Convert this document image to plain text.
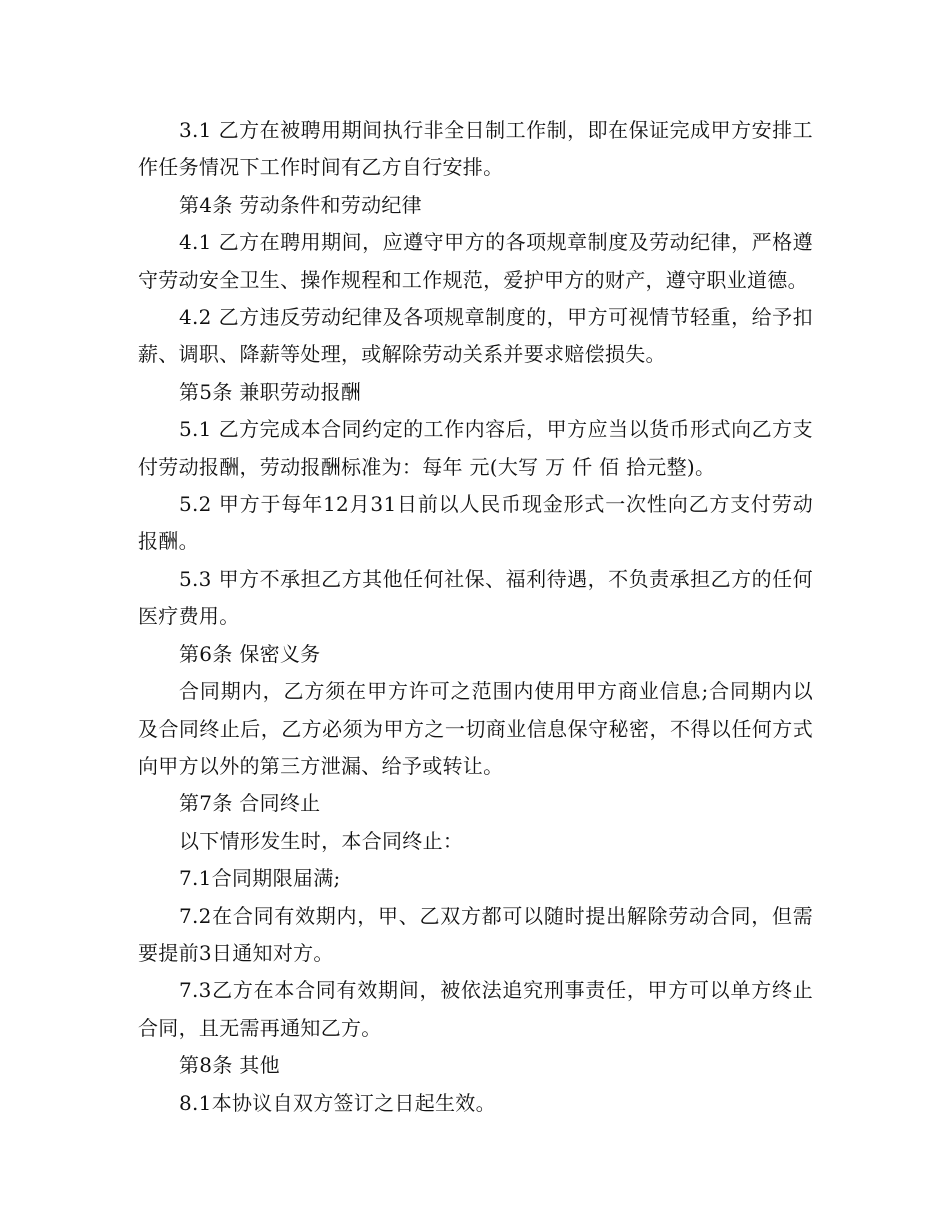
3.1 乙方在被聘用期间执行非全日制工作制，即在保证完成甲方安排工作任务情况下工作时间有乙方自行安排。

第4条 劳动条件和劳动纪律

4.1 乙方在聘用期间，应遵守甲方的各项规章制度及劳动纪律，严格遵守劳动安全卫生、操作规程和工作规范，爱护甲方的财产，遵守职业道德。

4.2 乙方违反劳动纪律及各项规章制度的，甲方可视情节轻重，给予扣薪、调职、降薪等处理，或解除劳动关系并要求赔偿损失。

第5条 兼职劳动报酬

5.1 乙方完成本合同约定的工作内容后，甲方应当以货币形式向乙方支付劳动报酬，劳动报酬标准为：每年 元(大写 万 仟 佰 拾元整)。

5.2 甲方于每年12月31日前以人民币现金形式一次性向乙方支付劳动报酬。

5.3 甲方不承担乙方其他任何社保、福利待遇，不负责承担乙方的任何医疗费用。

第6条 保密义务

合同期内，乙方须在甲方许可之范围内使用甲方商业信息;合同期内以及合同终止后，乙方必须为甲方之一切商业信息保守秘密，不得以任何方式向甲方以外的第三方泄漏、给予或转让。

第7条 合同终止

以下情形发生时，本合同终止：

7.1合同期限届满;

7.2在合同有效期内，甲、乙双方都可以随时提出解除劳动合同，但需要提前3日通知对方。

7.3乙方在本合同有效期间，被依法追究刑事责任，甲方可以单方终止合同，且无需再通知乙方。

第8条 其他

8.1本协议自双方签订之日起生效。
